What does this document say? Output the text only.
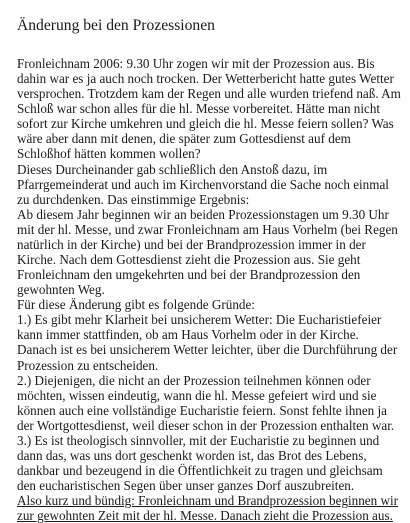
Änderung bei den Prozessionen
Fronleichnam 2006: 9.30 Uhr zogen wir mit der Prozession aus. Bis
dahin war es ja auch noch trocken. Der Wetterbericht hatte gutes Wetter
versprochen. Trotzdem kam der Regen und alle wurden triefend naß. Am
Schloß war schon alles für die hl. Messe vorbereitet. Hätte man nicht
sofort zur Kirche umkehren und gleich die hl. Messe feiern sollen? Was
wäre aber dann mit denen, die später zum Gottesdienst auf dem
Schloßhof hätten kommen wollen?
Dieses Durcheinander gab schließlich den Anstoß dazu, im
Pfarrgemeinderat und auch im Kirchenvorstand die Sache noch einmal
zu durchdenken. Das einstimmige Ergebnis:
Ab diesem Jahr beginnen wir an beiden Prozessionstagen um 9.30 Uhr
mit der hl. Messe, und zwar Fronleichnam am Haus Vorhelm (bei Regen
natürlich in der Kirche) und bei der Brandprozession immer in der
Kirche. Nach dem Gottesdienst zieht die Prozession aus. Sie geht
Fronleichnam den umgekehrten und bei der Brandprozession den
gewohnten Weg.
Für diese Änderung gibt es folgende Gründe:
1.) Es gibt mehr Klarheit bei unsicherem Wetter: Die Eucharistiefeier
kann immer stattfinden, ob am Haus Vorhelm oder in der Kirche.
Danach ist es bei unsicherem Wetter leichter, über die Durchführung der
Prozession zu entscheiden.
2.) Diejenigen, die nicht an der Prozession teilnehmen können oder
möchten, wissen eindeutig, wann die hl. Messe gefeiert wird und sie
können auch eine vollständige Eucharistie feiern. Sonst fehlte ihnen ja
der Wortgottesdienst, weil dieser schon in der Prozession enthalten war.
3.) Es ist theologisch sinnvoller, mit der Eucharistie zu beginnen und
dann das, was uns dort geschenkt worden ist, das Brot des Lebens,
dankbar und bezeugend in die Öffentlichkeit zu tragen und gleichsam
den eucharistischen Segen über unser ganzes Dorf auszubreiten.
Also kurz und bündig: Fronleichnam und Brandprozession beginnen wir
zur gewohnten Zeit mit der hl. Messe. Danach zieht die Prozession aus.
